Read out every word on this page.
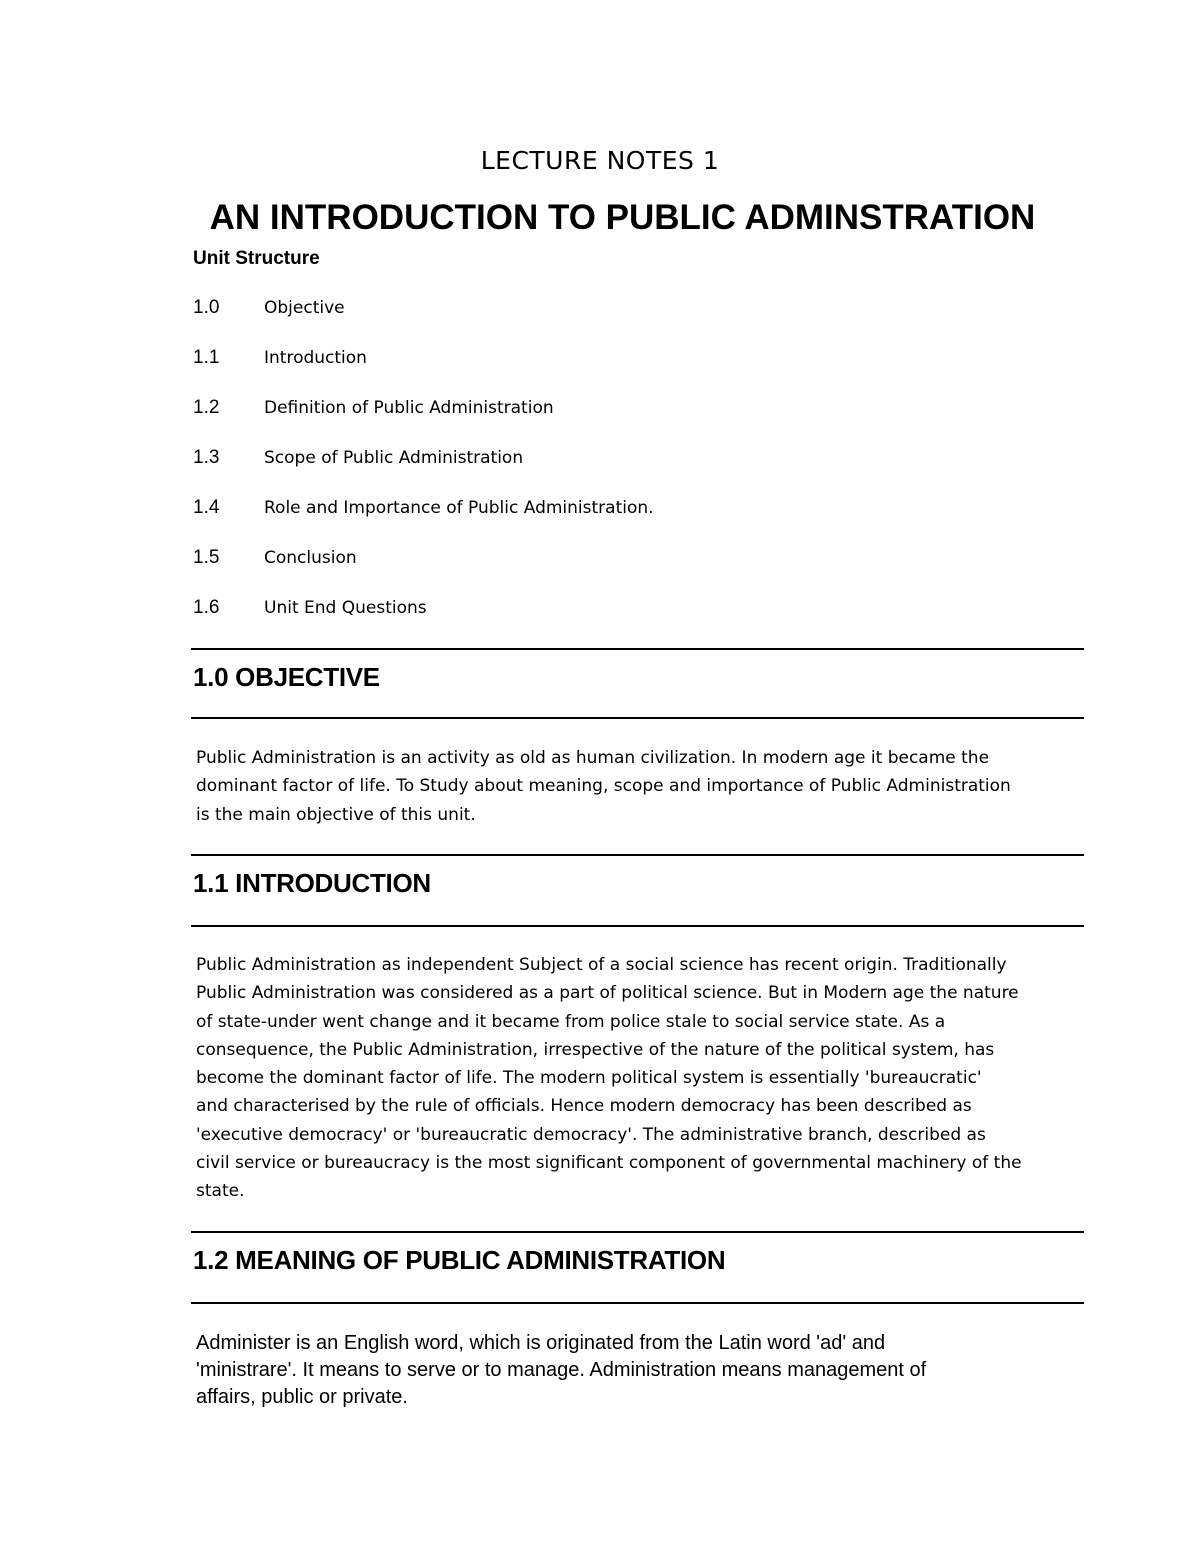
LECTURE NOTES 1
AN INTRODUCTION TO PUBLIC ADMINSTRATION
Unit Structure
1.0	Objective
1.1	Introduction
1.2	Definition of Public Administration
1.3	Scope of Public Administration
1.4	Role and Importance of Public Administration.
1.5	Conclusion
1.6	Unit End Questions
1.0 OBJECTIVE
Public Administration is an activity as old as human civilization. In modern age it became the
dominant factor of life. To Study about meaning, scope and importance of Public Administration
is the main objective of this unit.
1.1 INTRODUCTION
Public Administration as independent Subject of a social science has recent origin. Traditionally
Public Administration was considered as a part of political science. But in Modern age the nature
of state-under went change and it became from police stale to social service state. As a
consequence, the Public Administration, irrespective of the nature of the political system, has
become the dominant factor of life. The modern political system is essentially 'bureaucratic'
and characterised by the rule of officials. Hence modern democracy has been described as
'executive democracy' or 'bureaucratic democracy'. The administrative branch, described as
civil service or bureaucracy is the most significant component of governmental machinery of the
state.
1.2 MEANING OF PUBLIC ADMINISTRATION
Administer is an English word, which is originated from the Latin word 'ad' and
'ministrare'. It means to serve or to manage. Administration means management of
affairs, public or private.
